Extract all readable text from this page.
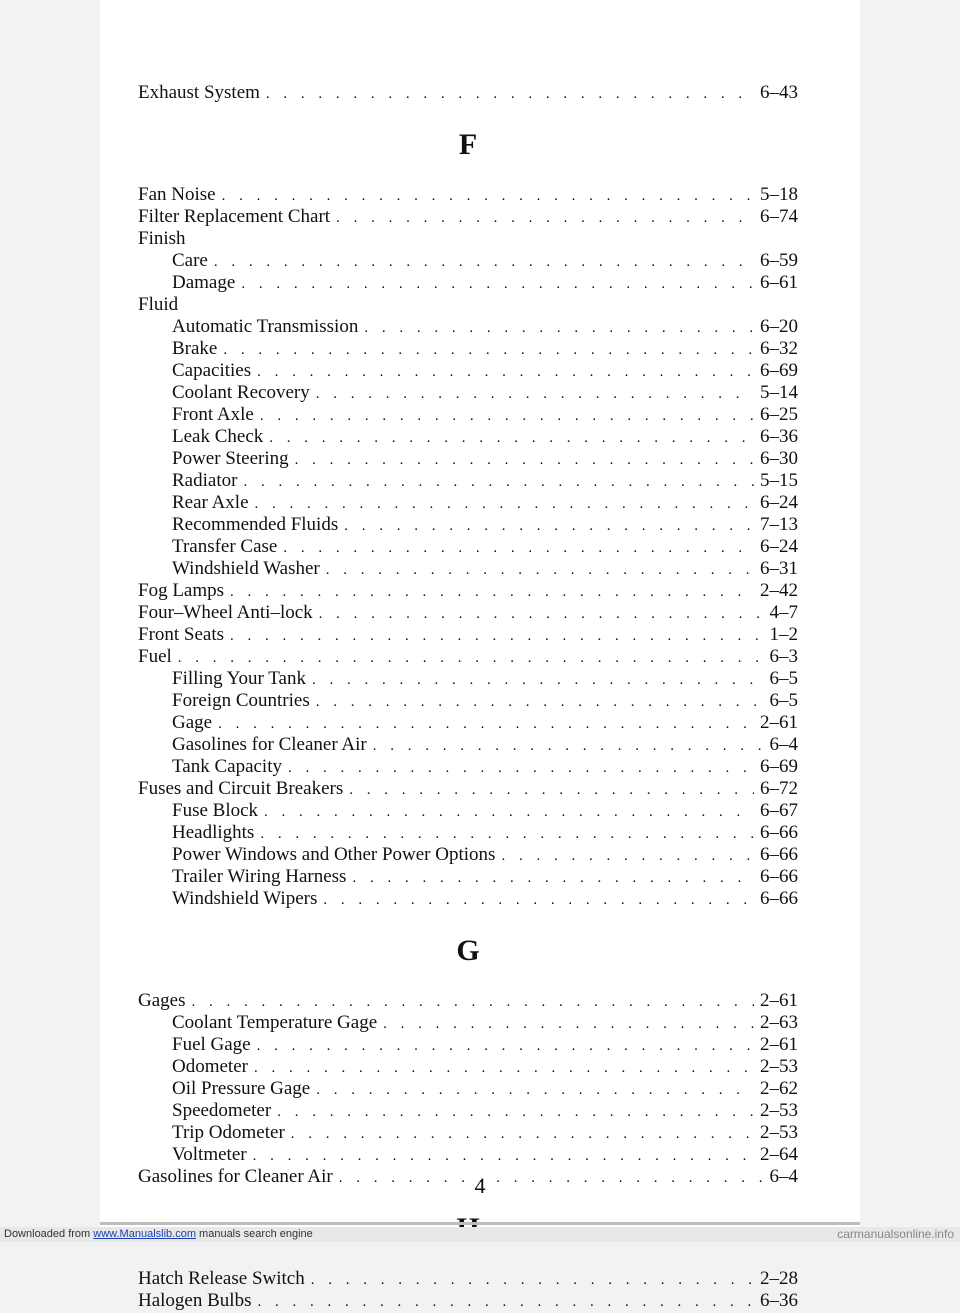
Exhaust System . . .	6–43
F
Fan Noise . . .	5–18
Filter Replacement Chart . . .	6–74
Finish
Care . . .	6–59
Damage . . .	6–61
Fluid
Automatic Transmission . . .	6–20
Brake . . .	6–32
Capacities . . .	6–69
Coolant Recovery . . .	5–14
Front Axle . . .	6–25
Leak Check . . .	6–36
Power Steering . . .	6–30
Radiator . . .	5–15
Rear Axle . . .	6–24
Recommended Fluids . . .	7–13
Transfer Case . . .	6–24
Windshield Washer . . .	6–31
Fog Lamps . . .	2–42
Four–Wheel Anti–lock . . .	4–7
Front Seats . . .	1–2
Fuel . . .	6–3
Filling Your Tank . . .	6–5
Foreign Countries . . .	6–5
Gage . . .	2–61
Gasolines for Cleaner Air . . .	6–4
Tank Capacity . . .	6–69
Fuses and Circuit Breakers . . .	6–72
Fuse Block . . .	6–67
Headlights . . .	6–66
Power Windows and Other Power Options . . .	6–66
Trailer Wiring Harness . . .	6–66
Windshield Wipers . . .	6–66
G
Gages . . .	2–61
Coolant Temperature Gage . . .	2–63
Fuel Gage . . .	2–61
Odometer . . .	2–53
Oil Pressure Gage . . .	2–62
Speedometer . . .	2–53
Trip Odometer . . .	2–53
Voltmeter . . .	2–64
Gasolines for Cleaner Air . . .	6–4
Hatch Release Switch . . .	2–28
Halogen Bulbs . . .	6–36
4
Downloaded from www.Manualslib.com manuals search engine	carmanualsonline.info
